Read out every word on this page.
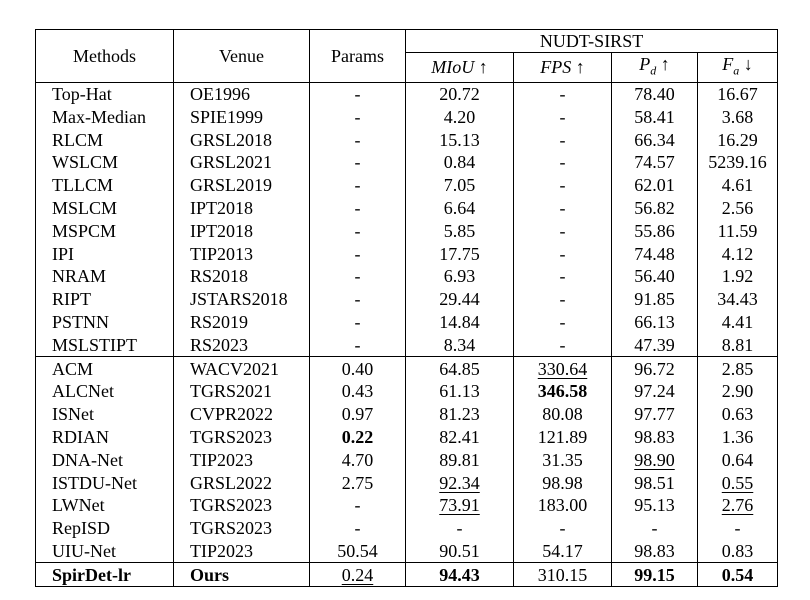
Methods	Venue	Params	NUDT-SIRST			
			MIoU ↑	FPS ↑	$P_d$ ↑	$F_a$ ↓
Top-Hat	OE1996	-	20.72	-	78.40	16.67
Max-Median	SPIE1999	-	4.20	-	58.41	3.68
RLCM	GRSL2018	-	15.13	-	66.34	16.29
WSLCM	GRSL2021	-	0.84	-	74.57	5239.16
TLLCM	GRSL2019	-	7.05	-	62.01	4.61
MSLCM	IPT2018	-	6.64	-	56.82	2.56
MSPCM	IPT2018	-	5.85	-	55.86	11.59
IPI	TIP2013	-	17.75	-	74.48	4.12
NRAM	RS2018	-	6.93	-	56.40	1.92
RIPT	JSTARS2018	-	29.44	-	91.85	34.43
PSTNN	RS2019	-	14.84	-	66.13	4.41
MSLSTIPT	RS2023	-	8.34	-	47.39	8.81
ACM	WACV2021	0.40	64.85	330.64	96.72	2.85
ALCNet	TGRS2021	0.43	61.13	346.58	97.24	2.90
ISNet	CVPR2022	0.97	81.23	80.08	97.77	0.63
RDIAN	TGRS2023	0.22	82.41	121.89	98.83	1.36
DNA-Net	TIP2023	4.70	89.81	31.35	98.90	0.64
ISTDU-Net	GRSL2022	2.75	92.34	98.98	98.51	0.55
LWNet	TGRS2023	-	73.91	183.00	95.13	2.76
RepISD	TGRS2023	-	-	-	-	-
UIU-Net	TIP2023	50.54	90.51	54.17	98.83	0.83
SpirDet-lr	Ours	0.24	94.43	310.15	99.15	0.54
